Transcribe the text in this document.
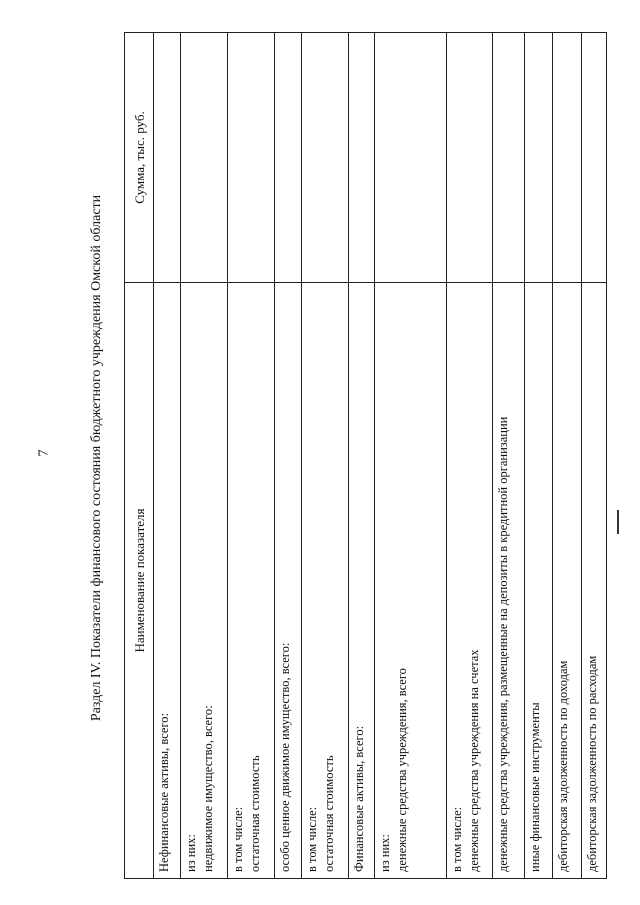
7	Раздел IV. Показатели финансового состояния бюджетного учреждения Омской области Наименование показателя	Сумма, тыс. руб.

Нефинансовые активы, всего:	

из них: недвижимое имущество, всего:	

в том числе: остаточная стоимость	

особо ценное движимое имущество, всего:	

в том числе: остаточная стоимость	

Финансовые активы, всего:	

из них: денежные средства учреждения, всего	

в том числе: денежные средства учреждения на счетах	

денежные средства учреждения, размещенные на депозиты в кредитной организации	

иные финансовые инструменты	

дебиторская задолженность по доходам	

дебиторская задолженность по расходам	
